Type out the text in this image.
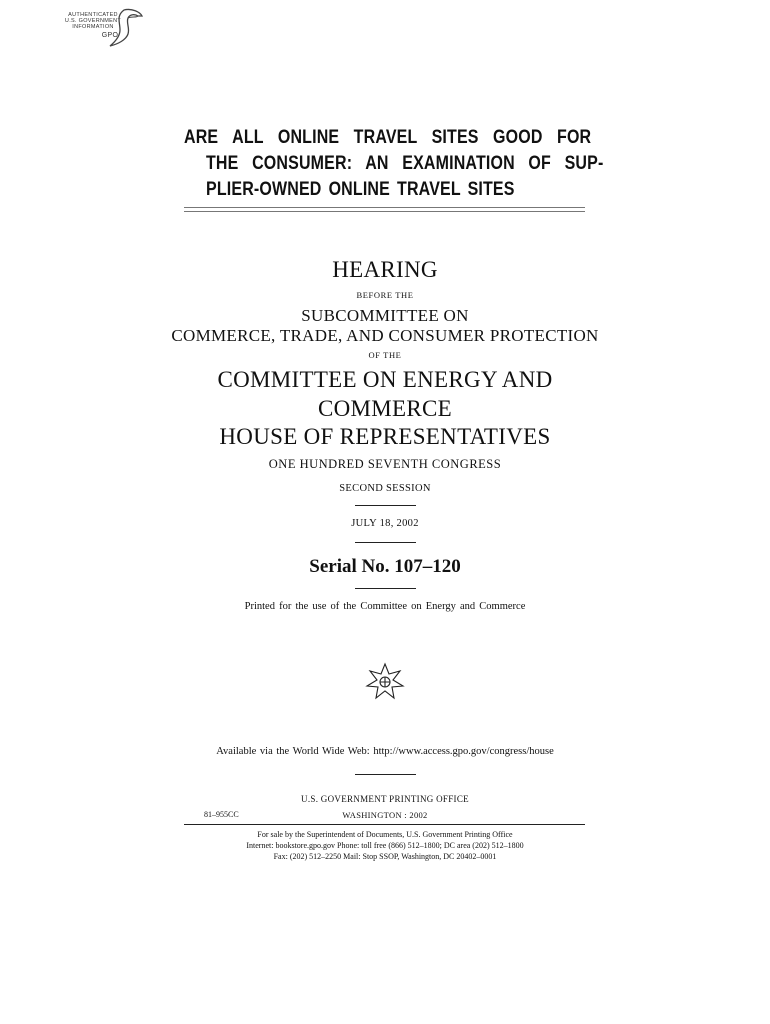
AUTHENTICATED
U.S. GOVERNMENT
INFORMATION
GPO
ARE ALL ONLINE TRAVEL SITES GOOD FOR
THE CONSUMER: AN EXAMINATION OF SUP-
PLIER-OWNED ONLINE TRAVEL SITES
HEARING
BEFORE THE
SUBCOMMITTEE ON
COMMERCE, TRADE, AND CONSUMER PROTECTION
OF THE
COMMITTEE ON ENERGY AND
COMMERCE
HOUSE OF REPRESENTATIVES
ONE HUNDRED SEVENTH CONGRESS
SECOND SESSION
JULY 18, 2002
Serial No. 107–120
Printed for the use of the Committee on Energy and Commerce
Available via the World Wide Web: http://www.access.gpo.gov/congress/house
U.S. GOVERNMENT PRINTING OFFICE
81–955CC	WASHINGTON : 2002
For sale by the Superintendent of Documents, U.S. Government Printing Office
Internet: bookstore.gpo.gov Phone: toll free (866) 512–1800; DC area (202) 512–1800
Fax: (202) 512–2250 Mail: Stop SSOP, Washington, DC 20402–0001
